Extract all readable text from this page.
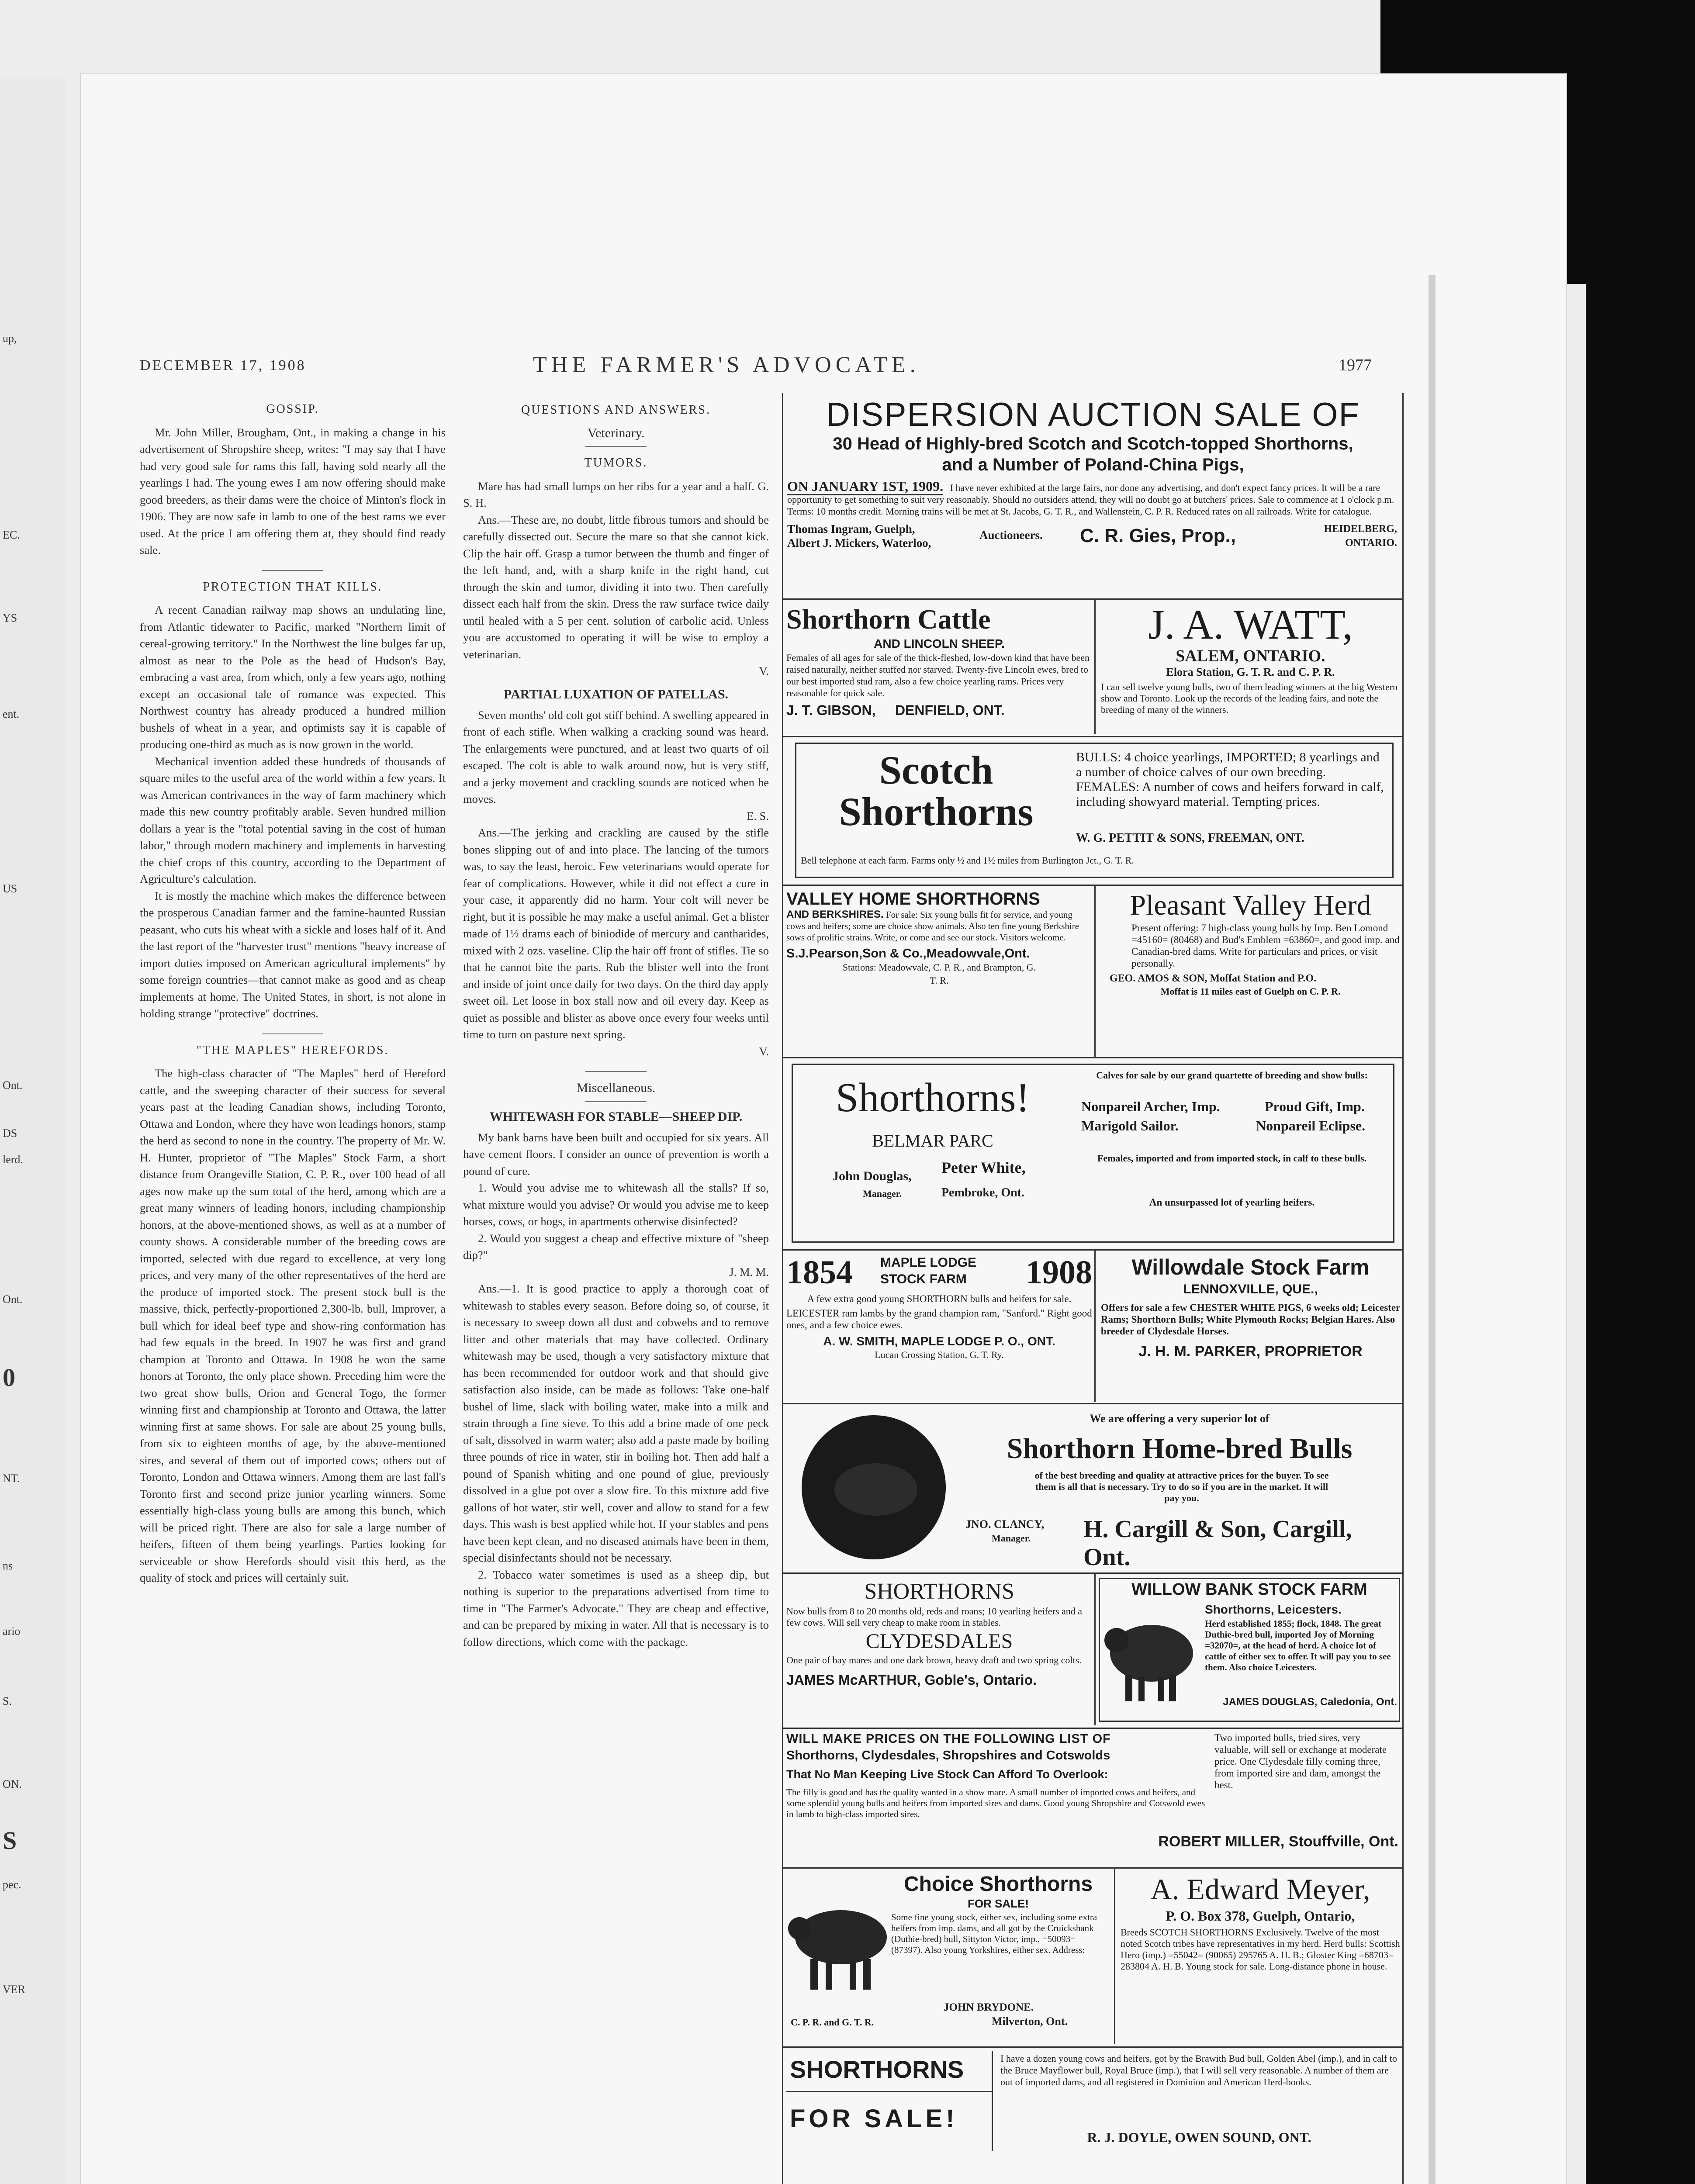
up,
EC.
YS
ent.
US
Ont.
DS
lerd.
Ont.
0
NT.
ns
ario
S.
ON.
S
pec.
VER
DECEMBER 17, 1908	THE FARMER'S ADVOCATE.	1977
GOSSIP.

Mr. John Miller, Brougham, Ont., in making a change in his advertisement of Shropshire sheep, writes: "I may say that I have had very good sale for rams this fall, having sold nearly all the yearlings I had. The young ewes I am now offering should make good breeders, as their dams were the choice of Minton's flock in 1906. They are now safe in lamb to one of the best rams we ever used. At the price I am offering them at, they should find ready sale.

PROTECTION THAT KILLS.

A recent Canadian railway map shows an undulating line, from Atlantic tidewater to Pacific, marked "Northern limit of cereal-growing territory." In the Northwest the line bulges far up, almost as near to the Pole as the head of Hudson's Bay, embracing a vast area, from which, only a few years ago, nothing except an occasional tale of romance was expected. This Northwest country has already produced a hundred million bushels of wheat in a year, and optimists say it is capable of producing one-third as much as is now grown in the world.

Mechanical invention added these hundreds of thousands of square miles to the useful area of the world within a few years. It was American contrivances in the way of farm machinery which made this new country profitably arable. Seven hundred million dollars a year is the "total potential saving in the cost of human labor," through modern machinery and implements in harvesting the chief crops of this country, according to the Department of Agriculture's calculation.

It is mostly the machine which makes the difference between the prosperous Canadian farmer and the famine-haunted Russian peasant, who cuts his wheat with a sickle and loses half of it. And the last report of the "harvester trust" mentions "heavy increase of import duties imposed on American agricultural implements" by some foreign countries—that cannot make as good and as cheap implements at home. The United States, in short, is not alone in holding strange "protective" doctrines.

"THE MAPLES" HEREFORDS.

The high-class character of "The Maples" herd of Hereford cattle, and the sweeping character of their success for several years past at the leading Canadian shows, including Toronto, Ottawa and London, where they have won leadings honors, stamp the herd as second to none in the country. The property of Mr. W. H. Hunter, proprietor of "The Maples" Stock Farm, a short distance from Orangeville Station, C. P. R., over 100 head of all ages now make up the sum total of the herd, among which are a great many winners of leading honors, including championship honors, at the above-mentioned shows, as well as at a number of county shows. A considerable number of the breeding cows are imported, selected with due regard to excellence, at very long prices, and very many of the other representatives of the herd are the produce of imported stock. The present stock bull is the massive, thick, perfectly-proportioned 2,300-lb. bull, Improver, a bull which for ideal beef type and show-ring conformation has had few equals in the breed. In 1907 he was first and grand champion at Toronto and Ottawa. In 1908 he won the same honors at Toronto, the only place shown. Preceding him were the two great show bulls, Orion and General Togo, the former winning first and championship at Toronto and Ottawa, the latter winning first at same shows. For sale are about 25 young bulls, from six to eighteen months of age, by the above-mentioned sires, and several of them out of imported cows; others out of Toronto, London and Ottawa winners. Among them are last fall's Toronto first and second prize junior yearling winners. Some essentially high-class young bulls are among this bunch, which will be priced right. There are also for sale a large number of heifers, fifteen of them being yearlings. Parties looking for serviceable or show Herefords should visit this herd, as the quality of stock and prices will certainly suit.

QUESTIONS AND ANSWERS.
Veterinary.
TUMORS.

Mare has had small lumps on her ribs for a year and a half. G. S. H.

Ans.—These are, no doubt, little fibrous tumors and should be carefully dissected out. Secure the mare so that she cannot kick. Clip the hair off. Grasp a tumor between the thumb and finger of the left hand, and, with a sharp knife in the right hand, cut through the skin and tumor, dividing it into two. Then carefully dissect each half from the skin. Dress the raw surface twice daily until healed with a 5 per cent. solution of carbolic acid. Unless you are accustomed to operating it will be wise to employ a veterinarian.

V.
PARTIAL LUXATION OF PATELLAS.

Seven months' old colt got stiff behind. A swelling appeared in front of each stifle. When walking a cracking sound was heard. The enlargements were punctured, and at least two quarts of oil escaped. The colt is able to walk around now, but is very stiff, and a jerky movement and crackling sounds are noticed when he moves.

E. S.

Ans.—The jerking and crackling are caused by the stifle bones slipping out of and into place. The lancing of the tumors was, to say the least, heroic. Few veterinarians would operate for fear of complications. However, while it did not effect a cure in your case, it apparently did no harm. Your colt will never be right, but it is possible he may make a useful animal. Get a blister made of 1½ drams each of biniodide of mercury and cantharides, mixed with 2 ozs. vaseline. Clip the hair off front of stifles. Tie so that he cannot bite the parts. Rub the blister well into the front and inside of joint once daily for two days. On the third day apply sweet oil. Let loose in box stall now and oil every day. Keep as quiet as possible and blister as above once every four weeks until time to turn on pasture next spring.

V.
Miscellaneous.
WHITEWASH FOR STABLE—SHEEP DIP.

My bank barns have been built and occupied for six years. All have cement floors. I consider an ounce of prevention is worth a pound of cure.

1. Would you advise me to whitewash all the stalls? If so, what mixture would you advise? Or would you advise me to keep horses, cows, or hogs, in apartments otherwise disinfected?

2. Would you suggest a cheap and effective mixture of "sheep dip?"

J. M. M.

Ans.—1. It is good practice to apply a thorough coat of whitewash to stables every season. Before doing so, of course, it is necessary to sweep down all dust and cobwebs and to remove litter and other materials that may have collected. Ordinary whitewash may be used, though a very satisfactory mixture that has been recommended for outdoor work and that should give satisfaction also inside, can be made as follows: Take one-half bushel of lime, slack with boiling water, make into a milk and strain through a fine sieve. To this add a brine made of one peck of salt, dissolved in warm water; also add a paste made by boiling three pounds of rice in water, stir in boiling hot. Then add half a pound of Spanish whiting and one pound of glue, previously dissolved in a glue pot over a slow fire. To this mixture add five gallons of hot water, stir well, cover and allow to stand for a few days. This wash is best applied while hot. If your stables and pens have been kept clean, and no diseased animals have been in them, special disinfectants should not be necessary.

2. Tobacco water sometimes is used as a sheep dip, but nothing is superior to the preparations advertised from time to time in "The Farmer's Advocate." They are cheap and effective, and can be prepared by mixing in water. All that is necessary is to follow directions, which come with the package.

DISPERSION AUCTION SALE OF
30 Head of Highly-bred Scotch and Scotch-topped Shorthorns,
and a Number of Poland-China Pigs,
ON JANUARY 1ST, 1909. I have never exhibited at the large fairs, nor done any advertising, and don't expect fancy prices. It will be a rare opportunity to get something to suit very reasonably. Should no outsiders attend, they will no doubt go at butchers' prices. Sale to commence at 1 o'clock p.m. Terms: 10 months credit. Morning trains will be met at St. Jacobs, G. T. R., and Wallenstein, C. P. R. Reduced rates on all railroads. Write for catalogue.
Thomas Ingram, Guelph,
Albert J. Mickers, Waterloo,
Auctioneers. C. R. Gies, Prop.,	HEIDELBERG,
ONTARIO.
Shorthorn Cattle
AND LINCOLN SHEEP.
Females of all ages for sale of the thick-fleshed, low-down kind that have been raised naturally, neither stuffed nor starved. Twenty-five Lincoln ewes, bred to our best imported stud ram, also a few choice yearling rams. Prices very reasonable for quick sale.
J. T. GIBSON, DENFIELD, ONT.
J. A. WATT,
SALEM, ONTARIO.
Elora Station, G. T. R. and C. P. R.
I can sell twelve young bulls, two of them leading winners at the big Western show and Toronto. Look up the records of the leading fairs, and note the breeding of many of the winners.
Scotch
Shorthorns
BULLS: 4 choice yearlings, IMPORTED; 8 yearlings and a number of choice calves of our own breeding. FEMALES: A number of cows and heifers forward in calf, including showyard material. Tempting prices.
W. G. PETTIT & SONS, FREEMAN, ONT.
Bell telephone at each farm. Farms only ½ and 1½ miles from Burlington Jct., G. T. R.
VALLEY HOME SHORTHORNS
AND BERKSHIRES. For sale: Six young bulls fit for service, and young cows and heifers; some are choice show animals. Also ten fine young Berkshire sows of prolific strains. Write, or come and see our stock. Visitors welcome.
S.J.Pearson,Son & Co.,Meadowvale,Ont.
Stations: Meadowvale, C. P. R., and Brampton, G. T. R.
Pleasant Valley Herd
Present offering: 7 high-class young bulls by Imp. Ben Lomond =45160= (80468) and Bud's Emblem =63860=, and good imp. and Canadian-bred dams. Write for particulars and prices, or visit personally.
GEO. AMOS & SON, Moffat Station and P.O.
Moffat is 11 miles east of Guelph on C. P. R.
Shorthorns!
BELMAR PARC
John Douglas,
Manager.
Peter White,
Pembroke, Ont.
Calves for sale by our grand quartette of breeding and show bulls:
Nonpareil Archer, Imp.	Proud Gift, Imp.
Marigold Sailor.	Nonpareil Eclipse.
Females, imported and from imported stock, in calf to these bulls.
An unsurpassed lot of yearling heifers.
1854 MAPLE LODGE
STOCK FARM 1908
A few extra good young SHORTHORN bulls and heifers for sale.
LEICESTER ram lambs by the grand champion ram, "Sanford." Right good ones, and a few choice ewes.
A. W. SMITH, MAPLE LODGE P. O., ONT.
Lucan Crossing Station, G. T. Ry.
Willowdale Stock Farm
LENNOXVILLE, QUE.,
Offers for sale a few CHESTER WHITE PIGS, 6 weeks old; Leicester Rams; Shorthorn Bulls; White Plymouth Rocks; Belgian Hares. Also breeder of Clydesdale Horses.
J. H. M. PARKER, PROPRIETOR
We are offering a very superior lot of
Shorthorn Home-bred Bulls
of the best breeding and quality at attractive prices for the buyer. To see them is all that is necessary. Try to do so if you are in the market. It will pay you.
JNO. CLANCY,
Manager. H. Cargill & Son, Cargill, Ont.
SHORTHORNS
Now bulls from 8 to 20 months old, reds and roans; 10 yearling heifers and a few cows. Will sell very cheap to make room in stables.
CLYDESDALES
One pair of bay mares and one dark brown, heavy draft and two spring colts.
JAMES McARTHUR, Goble's, Ontario.
WILLOW BANK STOCK FARM
Shorthorns, Leicesters.
Herd established 1855; flock, 1848. The great Duthie-bred bull, imported Joy of Morning =32070=, at the head of herd. A choice lot of cattle of either sex to offer. It will pay you to see them. Also choice Leicesters.
JAMES DOUGLAS, Caledonia, Ont.
WILL MAKE PRICES ON THE FOLLOWING LIST OF
Shorthorns, Clydesdales, Shropshires and Cotswolds
That No Man Keeping Live Stock Can Afford To Overlook:
Two imported bulls, tried sires, very valuable, will sell or exchange at moderate price. One Clydesdale filly coming three, from imported sire and dam, amongst the best.
The filly is good and has the quality wanted in a show mare. A small number of imported cows and heifers, and some splendid young bulls and heifers from imported sires and dams. Good young Shropshire and Cotswold ewes in lamb to high-class imported sires.
ROBERT MILLER, Stouffville, Ont.
Choice Shorthorns
FOR SALE!
Some fine young stock, either sex, including some extra heifers from imp. dams, and all got by the Cruickshank (Duthie-bred) bull, Sittyton Victor, imp., =50093= (87397). Also young Yorkshires, either sex. Address:
JOHN BRYDONE.
C. P. R. and G. T. R.	Milverton, Ont.
A. Edward Meyer,
P. O. Box 378, Guelph, Ontario,
Breeds SCOTCH SHORTHORNS Exclusively. Twelve of the most noted Scotch tribes have representatives in my herd. Herd bulls: Scottish Hero (imp.) =55042= (90065) 295765 A. H. B.; Gloster King =68703= 283804 A. H. B. Young stock for sale. Long-distance phone in house.
SHORTHORNS
FOR SALE!
I have a dozen young cows and heifers, got by the Brawith Bud bull, Golden Abel (imp.), and in calf to the Bruce Mayflower bull, Royal Bruce (imp.), that I will sell very reasonable. A number of them are out of imported dams, and all registered in Dominion and American Herd-books.
R. J. DOYLE, OWEN SOUND, ONT.
